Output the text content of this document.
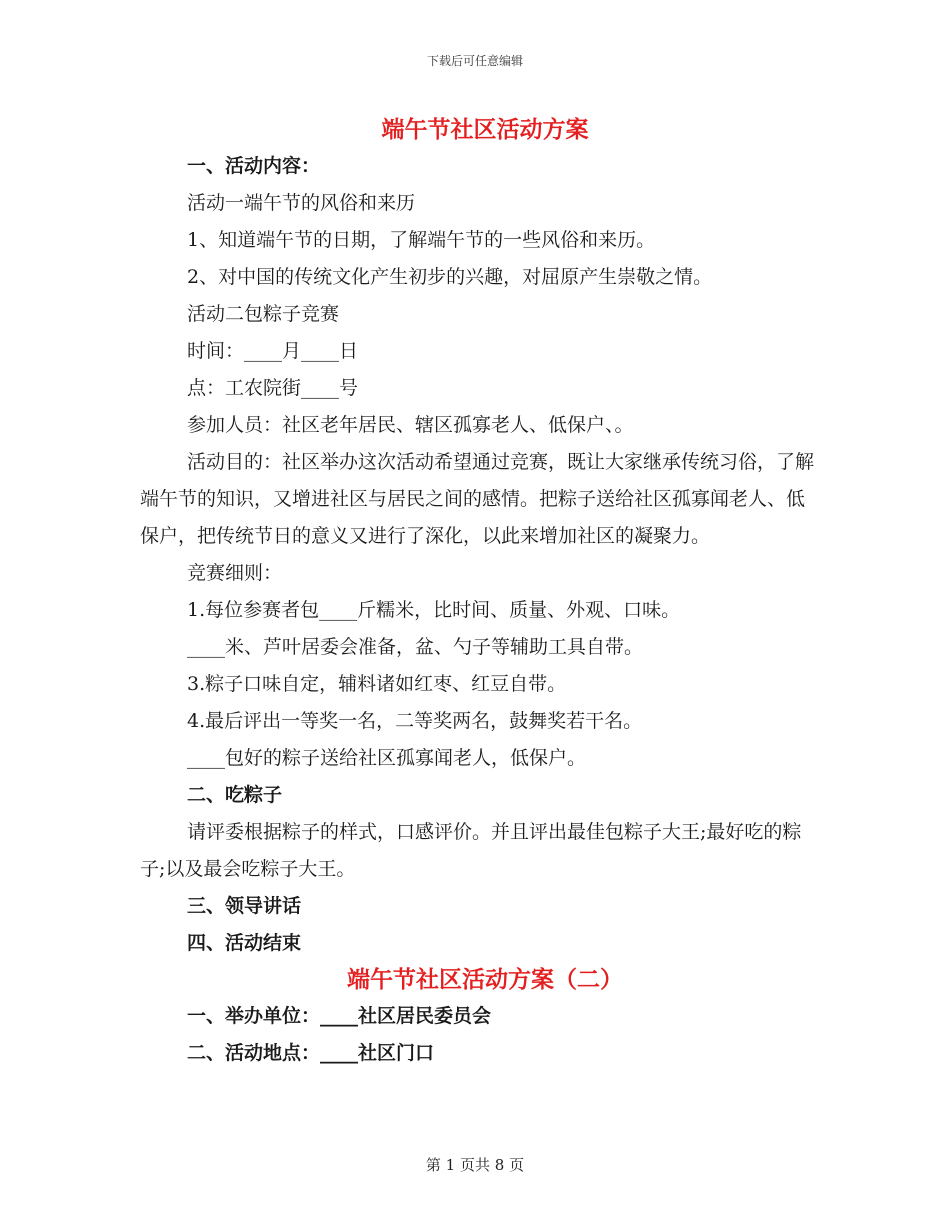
下载后可任意编辑
端午节社区活动方案

一、活动内容：

活动一端午节的风俗和来历

1、知道端午节的日期，了解端午节的一些风俗和来历。

2、对中国的传统文化产生初步的兴趣，对屈原产生崇敬之情。

活动二包粽子竞赛

时间：____月____日

点：工农院街____号

参加人员：社区老年居民、辖区孤寡老人、低保户、。

活动目的：社区举办这次活动希望通过竞赛，既让大家继承传统习俗，了解端午节的知识，又增进社区与居民之间的感情。把粽子送给社区孤寡闻老人、低保户，把传统节日的意义又进行了深化，以此来增加社区的凝聚力。

竞赛细则：

1.每位参赛者包____斤糯米，比时间、质量、外观、口味。

____米、芦叶居委会准备，盆、勺子等辅助工具自带。

3.粽子口味自定，辅料诸如红枣、红豆自带。

4.最后评出一等奖一名，二等奖两名，鼓舞奖若干名。

____包好的粽子送给社区孤寡闻老人，低保户。

二、吃粽子

请评委根据粽子的样式，口感评价。并且评出最佳包粽子大王;最好吃的粽子;以及最会吃粽子大王。

三、领导讲话

四、活动结束

端午节社区活动方案（二）

一、举办单位：____社区居民委员会

二、活动地点：____社区门口

第 1 页共 8 页
